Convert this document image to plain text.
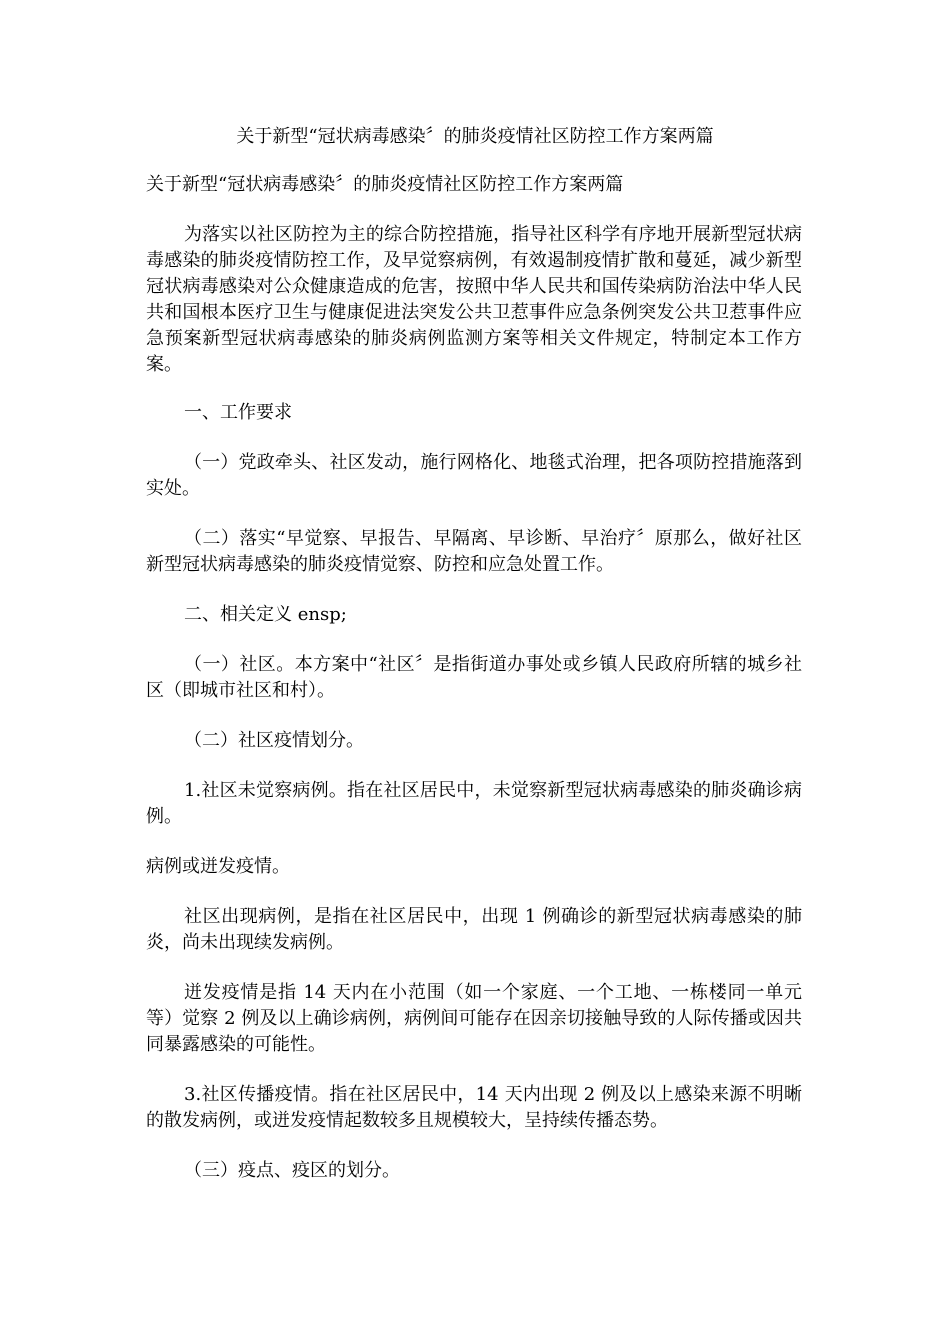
关于新型“冠状病毒感染〞的肺炎疫情社区防控工作方案两篇
关于新型“冠状病毒感染〞的肺炎疫情社区防控工作方案两篇
为落实以社区防控为主的综合防控措施，指导社区科学有序地开展新型冠状病毒感染的肺炎疫情防控工作，及早觉察病例，有效遏制疫情扩散和蔓延，减少新型冠状病毒感染对公众健康造成的危害，按照中华人民共和国传染病防治法中华人民共和国根本医疗卫生与健康促进法突发公共卫惹事件应急条例突发公共卫惹事件应急预案新型冠状病毒感染的肺炎病例监测方案等相关文件规定，特制定本工作方案。
一、工作要求
（一）党政牵头、社区发动，施行网格化、地毯式治理，把各项防控措施落到实处。
（二）落实“早觉察、早报告、早隔离、早诊断、早治疗〞原那么，做好社区新型冠状病毒感染的肺炎疫情觉察、防控和应急处置工作。
二、相关定义 ensp;
（一）社区。本方案中“社区〞是指街道办事处或乡镇人民政府所辖的城乡社区（即城市社区和村）。
（二）社区疫情划分。
1.社区未觉察病例。指在社区居民中，未觉察新型冠状病毒感染的肺炎确诊病例。
病例或迸发疫情。
社区出现病例，是指在社区居民中，出现 1 例确诊的新型冠状病毒感染的肺炎，尚未出现续发病例。
迸发疫情是指 14 天内在小范围（如一个家庭、一个工地、一栋楼同一单元等）觉察 2 例及以上确诊病例，病例间可能存在因亲切接触导致的人际传播或因共同暴露感染的可能性。
3.社区传播疫情。指在社区居民中，14 天内出现 2 例及以上感染来源不明晰的散发病例，或迸发疫情起数较多且规模较大，呈持续传播态势。
（三）疫点、疫区的划分。
